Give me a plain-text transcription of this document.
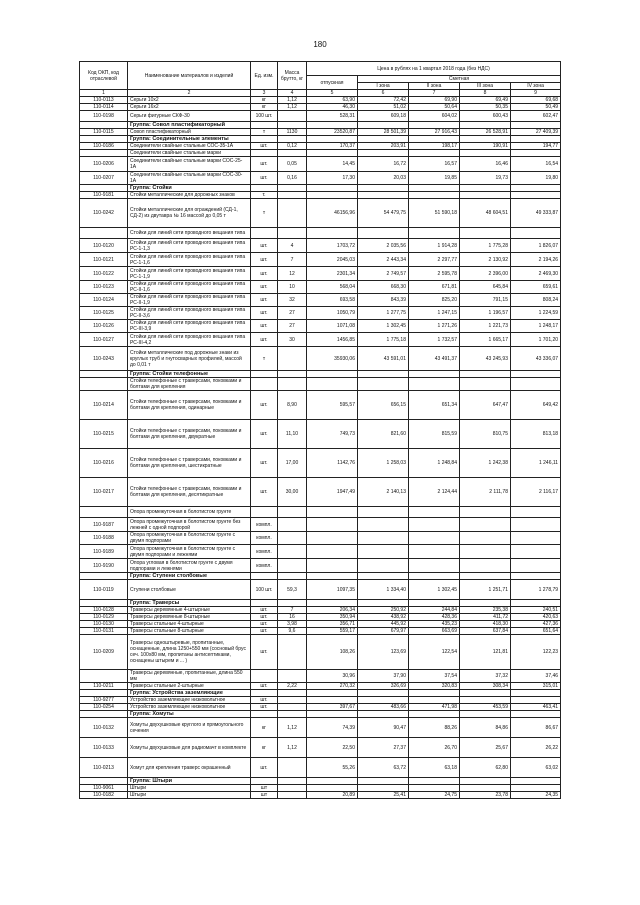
180
Код ОКП, код отраслевой	Наименование материалов и изделий	Ед. изм.	Масса брутто, кг	Цена в рублях на 1 квартал 2018 года (без НДС)				
				отпускная	Сметная			
					I зона	II зона	III зона	IV зона
1	2	3	4	5	6	7	8	9
110-0113	Серьги 10х2	кг	1,12	63,90	72,42	69,90	69,49	69,68
110-0114	Серьги 16х2	кг	1,12	46,30	51,02	50,64	50,35	50,49
110-0198	Серьги фигурные СКФ-30	100 шт.		528,31	609,18	604,02	600,43	602,47
	Группа: Совол пластификаторный							
110-0115	Совол пластификаторный	т	1130	23520,87	28 501,39	27 916,43	26 528,91	27 409,39
	Группа: Соединительные элементы							
110-0186	Соединители свайные стальные СОС-35-1А	шт.	0,12	170,37	203,91	198,17	190,91	194,77
	Соединители свайные стальные марки							
110-0206	Соединители свайные стальные марки СОС-25-1А	шт.	0,05	14,45	16,72	16,57	16,46	16,54
110-0207	Соединители свайные стальные марки СОС-30-1А	шт.	0,16	17,30	20,03	19,85	19,73	19,80
	Группа: Стойки							
110-9181	Стойки металлические для дорожных знаков	т.						
110-0242	Стойки металлические для ограждений (СД-1, СД-2) из двутавра № 16 массой до 0,05 т	т		46156,96	54 479,75	51 590,18	48 604,51	49 333,87
	Стойки для линий сети проводного вещания типа							
110-0120	Стойки для линий сети проводного вещания типа РС-1-1,3	шт.	4	1703,72	2 035,56	1 914,28	1 775,28	1 826,07
110-0121	Стойки для линий сети проводного вещания типа РС-1-1,6	шт.	7	2045,03	2 443,34	2 297,77	2 130,92	2 194,26
110-0122	Стойки для линий сети проводного вещания типа РС-1-1,9	шт.	12	2301,34	2 749,57	2 595,78	2 396,00	2 469,30
110-0123	Стойки для линий сети проводного вещания типа РС-II-1,6	шт.	10	568,04	668,30	671,81	645,84	659,61
110-0124	Стойки для линий сети проводного вещания типа РС-II-1,9	шт.	32	693,58	843,39	825,20	791,15	808,24
110-0125	Стойки для линий сети проводного вещания типа РС-II-3,6	шт.	27	1050,79	1 277,75	1 247,15	1 196,57	1 224,59
110-0126	Стойки для линий сети проводного вещания типа РС-III-3,9	шт.	27	1071,08	1 302,45	1 271,26	1 221,73	1 248,17
110-0127	Стойки для линий сети проводного вещания типа РС-III-4,2	шт.	30	1456,85	1 775,18	1 732,57	1 665,17	1 701,20
110-0243	Стойки металлические под дорожные знаки из круглых труб и гнутосварных профилей, массой до 0,01 т	т		35930,06	43 591,01	43 491,37	43 245,93	43 336,07
	Группа: Стойки телефонные							
	Стойки телефонные с траверсами, поковками и болтами для крепления							
110-0214	Стойки телефонные с траверсами, поковками и болтами для крепления, одинарные	шт.	8,90	595,57	656,15	651,34	647,47	649,42
110-0215	Стойки телефонные с траверсами, поковками и болтами для крепления, двукратные	шт.	11,10	749,73	821,60	815,59	810,75	813,18
110-0216	Стойки телефонные с траверсами, поковками и болтами для крепления, шестикратные	шт.	17,00	1142,76	1 258,03	1 248,84	1 242,38	1 246,11
110-0217	Стойки телефонные с траверсами, поковками и болтами для крепления, десятикратные	шт.	30,00	1947,49	2 140,13	2 124,44	2 111,78	2 116,17
	Опора промежуточная в болотистом грунте							
110-9187	Опора промежуточная в болотистом грунте без лежней с одной подпорой	компл.						
110-9188	Опора промежуточная в болотистом грунте с двумя подпорами	компл.						
110-9189	Опора промежуточная в болотистом грунте с двумя подпорами и лежнями	компл.						
110-9190	Опора угловая в болотистом грунте с двумя подпорами и лежнями	компл.						
	Группа: Ступени столбовые							
110-0119	Ступени столбовые	100 шт.	59,3	1097,35	1 334,40	1 302,45	1 251,71	1 278,79
	Группа: Траверсы							
110-0128	Траверсы деревянные 4-штырные	шт.	7	206,34	250,92	244,84	235,38	240,51
110-0129	Траверсы деревянные 8-штырные	шт.	16	350,94	438,92	428,36	411,72	420,63
110-0130	Траверсы стальные 4-штырные	шт.	3,98	356,71	445,92	435,23	418,30	427,36
110-0131	Траверсы стальные 8-штырные	шт.	9,6	559,17	679,97	663,69	637,84	651,64
110-0209	Траверсы одноштыревые, пропитанные, оснащенные, длина 1250+550 мм (сосновый брус сеч. 100х80 мм, пропитаны антисептиками, оснащены штырем и ... )	шт.		108,26	123,69	122,54	121,81	122,23
	Траверсы деревянные, пропитанные, длина 550 мм			30,96	37,90	37,54	37,32	37,46
110-0211	Траверсы стальные 2-штырные	шт.	2,22	270,32	326,69	320,83	308,34	315,01
	Группа: Устройства заземляющие							
110-9277	Устройство заземляющее низковольтное	шт.						
110-0254	Устройство заземляющее низковольтное	шт.		397,67	483,66	471,98	453,59	463,41
	Группа: Хомуты							
110-0132	Хомуты двухушковые круглого и прямоугольного сечения	кг	1,12	74,39	90,47	88,26	84,86	86,67
110-0133	Хомуты двухушковые для радиомачт в комплекте	кг	1,12	22,50	27,37	26,70	25,67	26,22
110-0213	Хомут для крепления траверс окрашенный	шт.		55,26	63,72	63,18	62,80	63,02
	Группа: Штыри							
110-9061	Штыри	шт						
110-0182	Штыри	шт		20,89	25,41	24,75	23,78	24,35
